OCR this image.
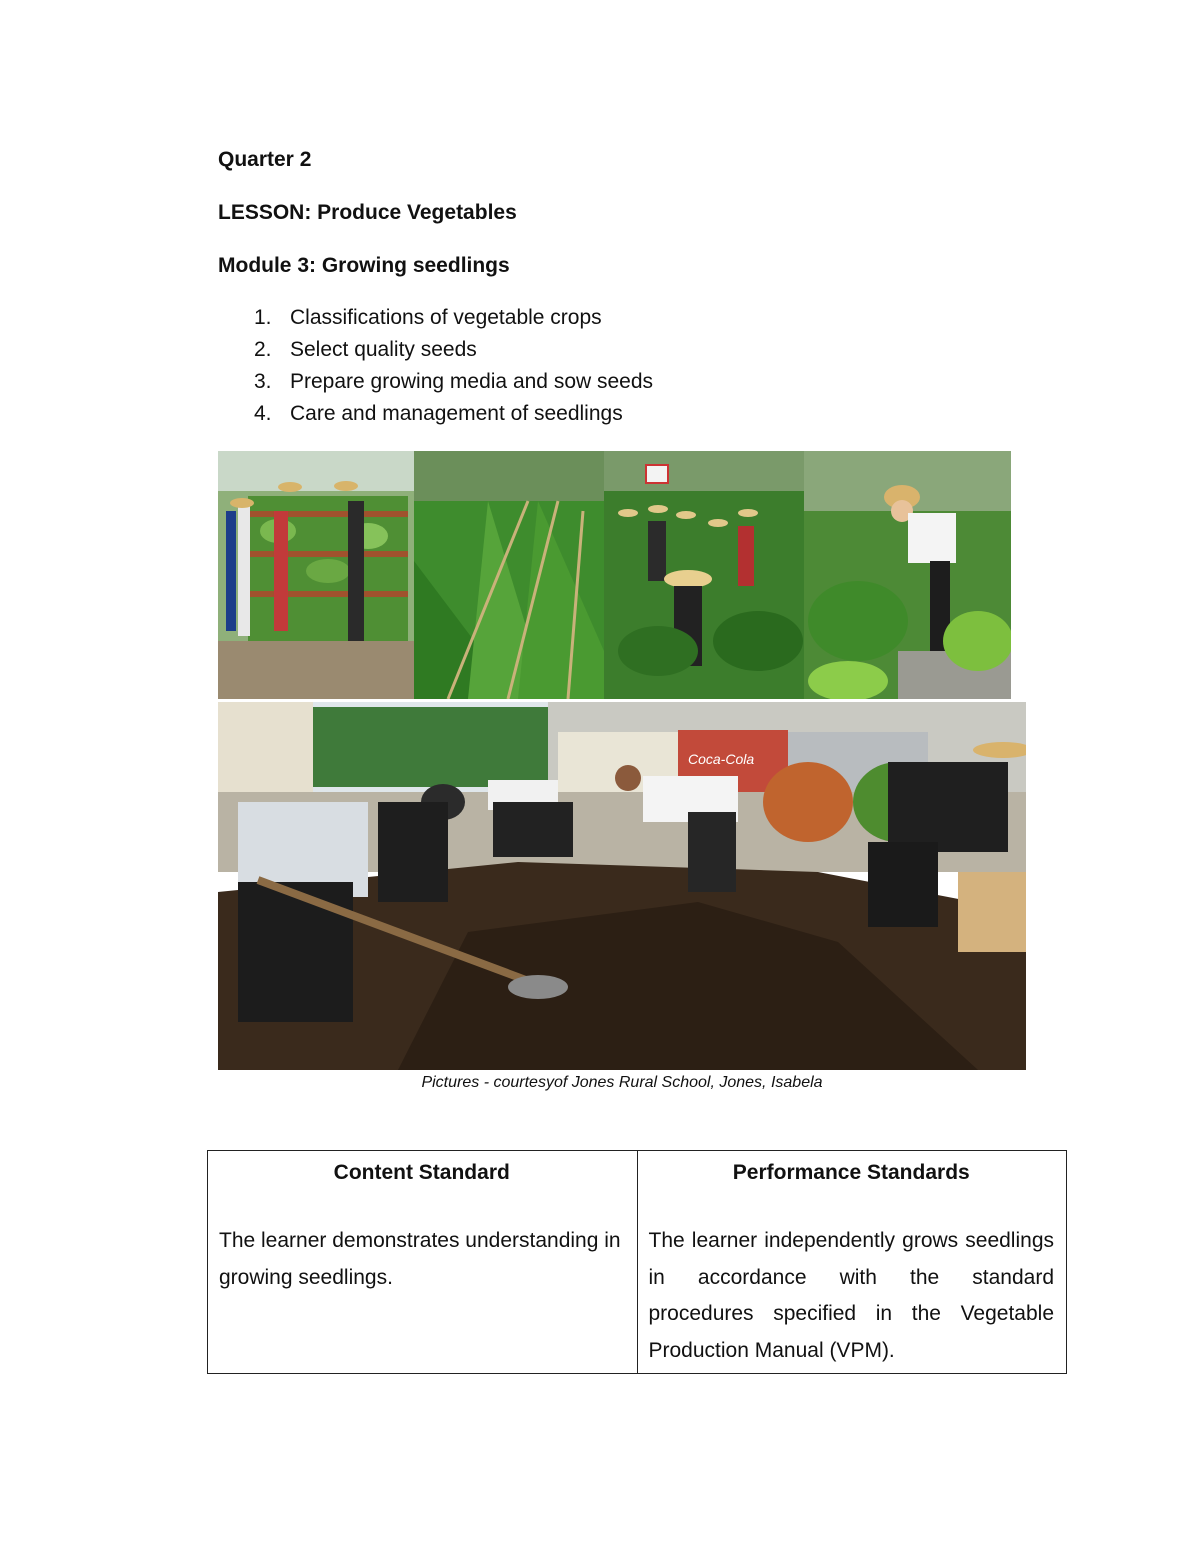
Quarter 2
LESSON: Produce Vegetables
Module 3: Growing seedlings
1. Classifications of vegetable crops
2. Select quality seeds
3. Prepare growing media and sow seeds
4. Care and management of seedlings
Coca-Cola
Pictures - courtesyof Jones Rural School, Jones, Isabela
Content Standard	Performance Standards
The learner demonstrates understanding in growing seedlings.	The learner independently grows seedlings in accordance with the standard procedures specified in the Vegetable Production Manual (VPM).
